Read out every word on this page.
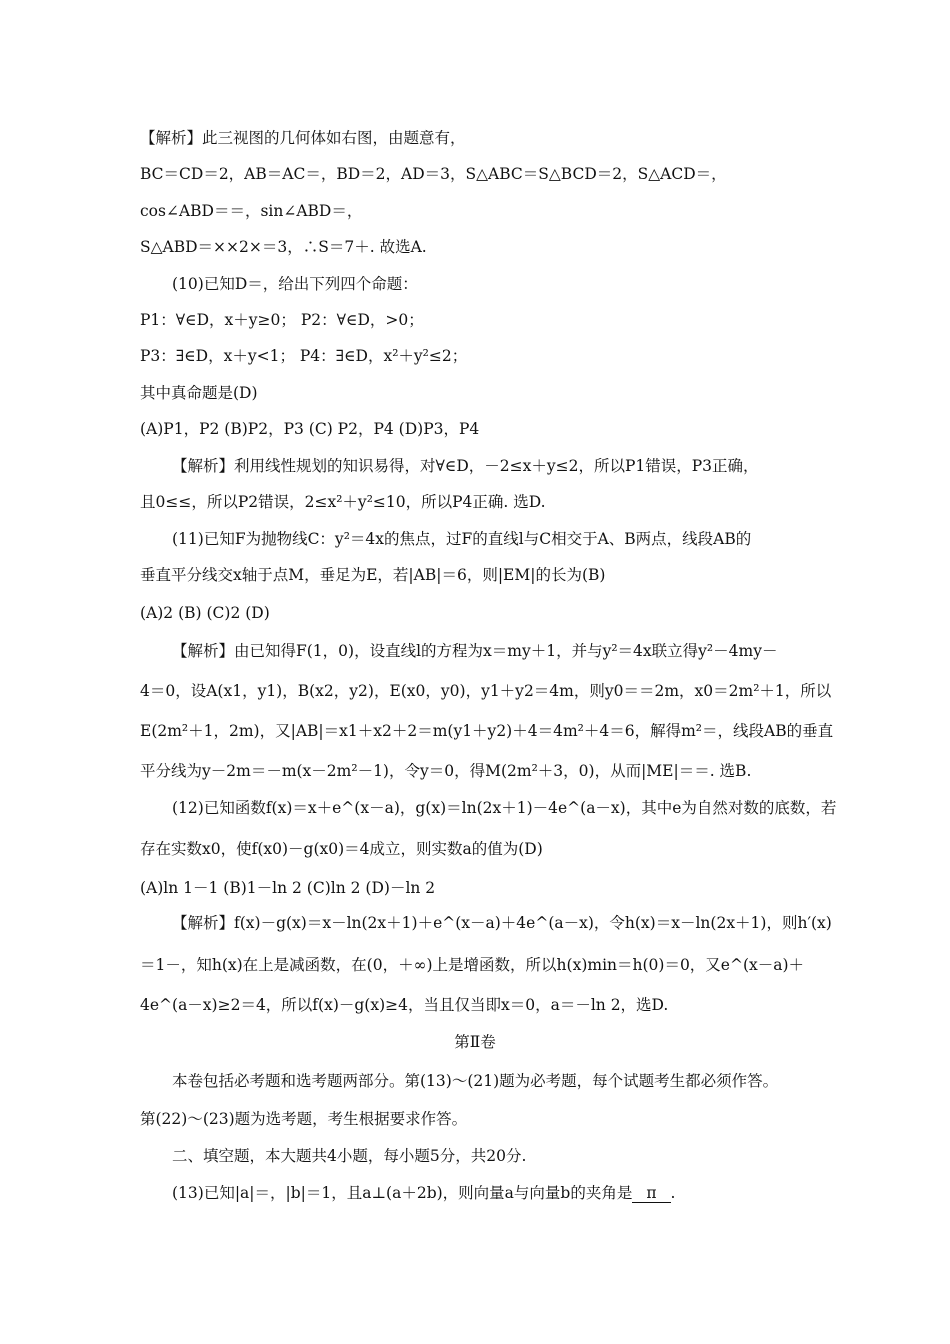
【解析】此三视图的几何体如右图，由题意有，
BC＝CD＝2，AB＝AC＝，BD＝2，AD＝3，S△ABC＝S△BCD＝2，S△ACD＝，
cos∠ABD＝＝，sin∠ABD＝，
S△ABD＝××2×＝3，∴S＝7＋. 故选A.
(10)已知D＝，给出下列四个命题：
P1：∀∈D，x＋y≥0； P2：∀∈D，>0；
P3：∃∈D，x＋y<1； P4：∃∈D，x²＋y²≤2；
其中真命题是(D)
(A)P1，P2 (B)P2，P3 (C) P2，P4 (D)P3，P4
【解析】利用线性规划的知识易得，对∀∈D，－2≤x＋y≤2，所以P1错误，P3正确，
且0≤≤，所以P2错误，2≤x²＋y²≤10，所以P4正确. 选D.
(11)已知F为抛物线C：y²＝4x的焦点，过F的直线l与C相交于A、B两点，线段AB的
垂直平分线交x轴于点M，垂足为E，若|AB|＝6，则|EM|的长为(B)
(A)2 (B) (C)2 (D)
【解析】由已知得F(1，0)，设直线l的方程为x＝my＋1，并与y²＝4x联立得y²－4my－
4＝0，设A(x1，y1)，B(x2，y2)，E(x0，y0)，y1＋y2＝4m，则y0＝＝2m，x0＝2m²＋1，所以
E(2m²＋1，2m)，又|AB|＝x1＋x2＋2＝m(y1＋y2)＋4＝4m²＋4＝6，解得m²＝，线段AB的垂直
平分线为y－2m＝－m(x－2m²－1)，令y＝0，得M(2m²＋3，0)，从而|ME|＝＝. 选B.
(12)已知函数f(x)＝x＋e^(x－a)，g(x)＝ln(2x＋1)－4e^(a－x)，其中e为自然对数的底数，若
存在实数x0，使f(x0)－g(x0)＝4成立，则实数a的值为(D)
(A)ln 1－1 (B)1－ln 2 (C)ln 2 (D)－ln 2
【解析】f(x)－g(x)＝x－ln(2x＋1)＋e^(x－a)＋4e^(a－x)，令h(x)＝x－ln(2x＋1)，则h′(x)
＝1－，知h(x)在上是减函数，在(0，＋∞)上是增函数，所以h(x)min＝h(0)＝0，又e^(x－a)＋
4e^(a－x)≥2＝4，所以f(x)－g(x)≥4，当且仅当即x＝0，a＝－ln 2，选D.
第Ⅱ卷
本卷包括必考题和选考题两部分。第(13)～(21)题为必考题，每个试题考生都必须作答。
第(22)～(23)题为选考题，考生根据要求作答。
二、填空题，本大题共4小题，每小题5分，共20分.
(13)已知|a|＝，|b|＝1，且a⊥(a＋2b)，则向量a与向量b的夹角是 π .
